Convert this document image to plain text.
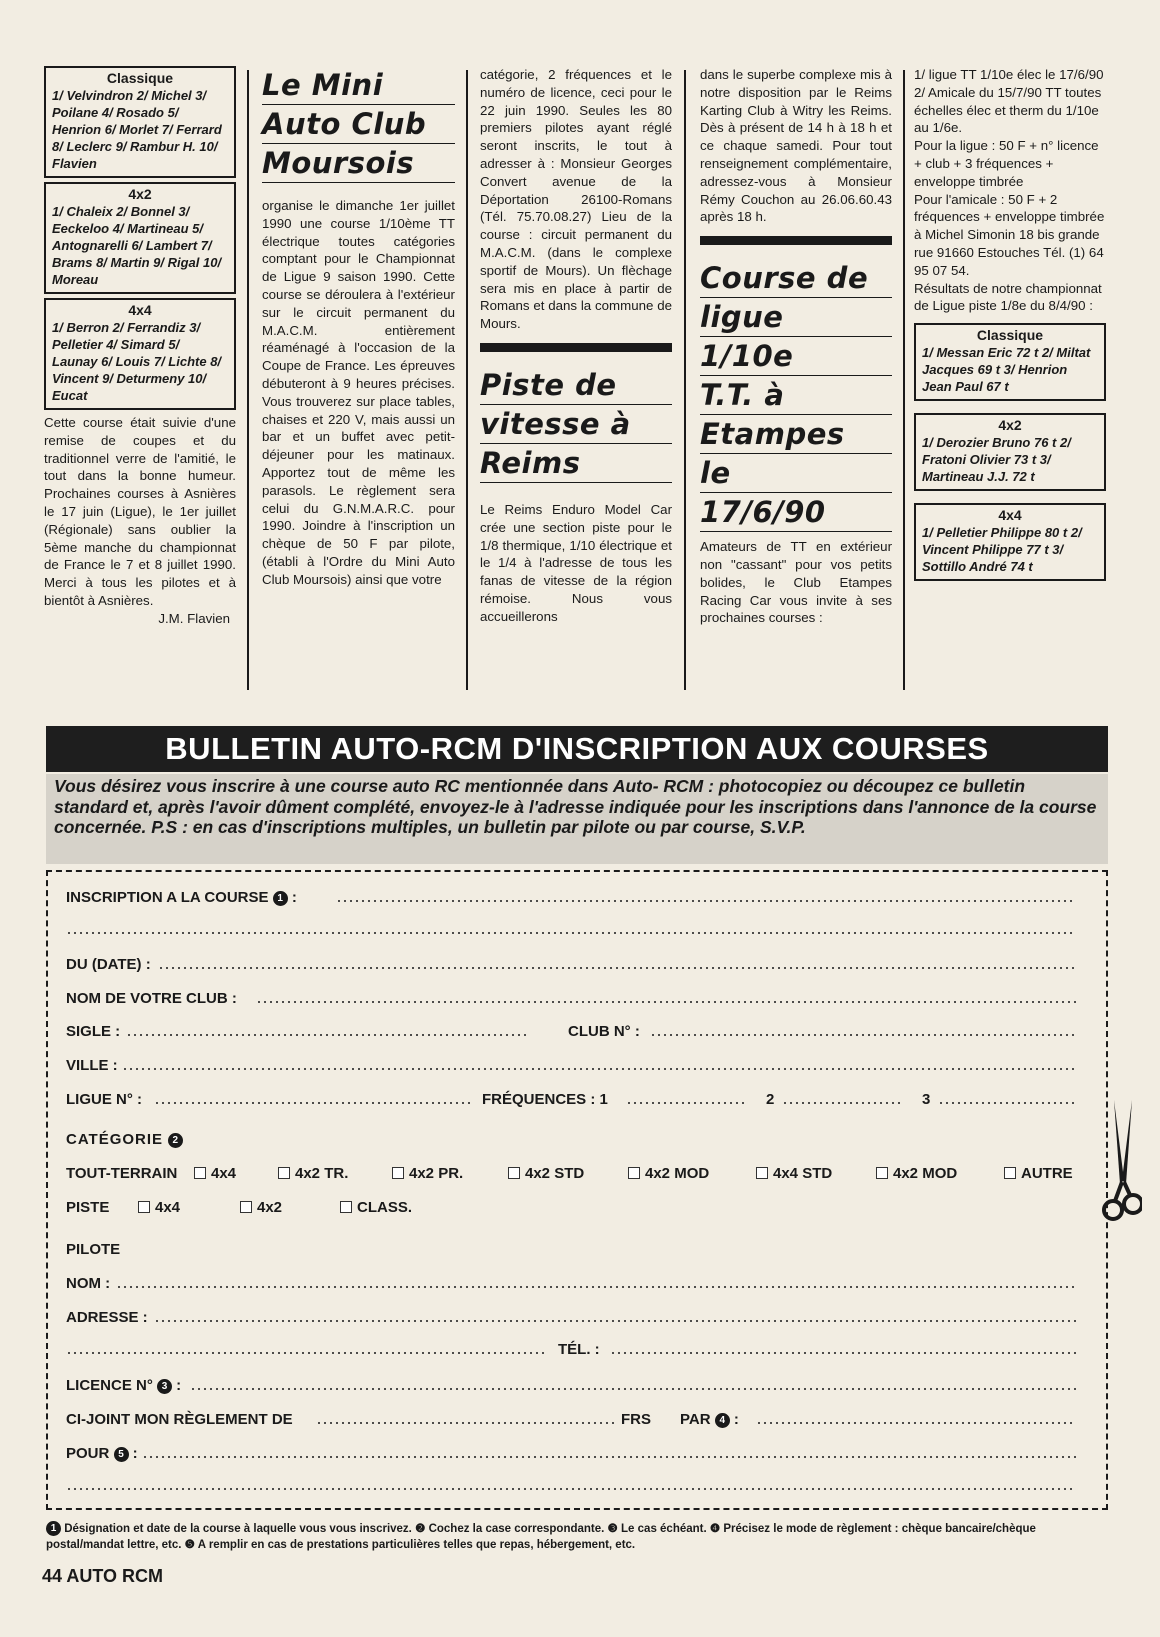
Classique
1/ Velvindron 2/ Michel 3/ Poilane 4/ Rosado 5/ Henrion 6/ Morlet 7/ Ferrard 8/ Leclerc 9/ Rambur H. 10/ Flavien
4x2
1/ Chaleix 2/ Bonnel 3/ Eeckeloo 4/ Martineau 5/ Antognarelli 6/ Lambert 7/ Brams 8/ Martin 9/ Rigal 10/ Moreau
4x4
1/ Berron 2/ Ferrandiz 3/ Pelletier 4/ Simard 5/ Launay 6/ Louis 7/ Lichte 8/ Vincent 9/ Deturmeny 10/ Eucat

Cette course était suivie d'une remise de coupes et du traditionnel verre de l'amitié, le tout dans la bonne humeur. Prochaines courses à Asnières le 17 juin (Ligue), le 1er juillet (Régionale) sans oublier la 5ème manche du championnat de France le 7 et 8 juillet 1990. Merci à tous les pilotes et à bientôt à Asnières.

J.M. Flavien

Le Mini
Auto Club
Moursois

organise le dimanche 1er juillet 1990 une course 1/10ème TT électrique toutes catégories comptant pour le Championnat de Ligue 9 saison 1990. Cette course se déroulera à l'extérieur sur le circuit permanent du M.A.C.M. entièrement réaménagé à l'occasion de la Coupe de France. Les épreuves débuteront à 9 heures précises. Vous trouverez sur place tables, chaises et 220 V, mais aussi un bar et un buffet avec petit-déjeuner pour les matinaux. Apportez tout de même les parasols. Le règlement sera celui du G.N.M.A.R.C. pour 1990. Joindre à l'inscription un chèque de 50 F par pilote, (établi à l'Ordre du Mini Auto Club Moursois) ainsi que votre

catégorie, 2 fréquences et le numéro de licence, ceci pour le 22 juin 1990. Seules les 80 premiers pilotes ayant réglé seront inscrits, le tout à adresser à : Monsieur Georges Convert avenue de la Déportation 26100-Romans (Tél. 75.70.08.27) Lieu de la course : circuit permanent du M.A.C.M. (dans le complexe sportif de Mours). Un flèchage sera mis en place à partir de Romans et dans la commune de Mours.

Piste de
vitesse à
Reims

Le Reims Enduro Model Car crée une section piste pour le 1/8 thermique, 1/10 électrique et le 1/4 à l'adresse de tous les fanas de vitesse de la région rémoise. Nous vous accueillerons

dans le superbe complexe mis à notre disposition par le Reims Karting Club à Witry les Reims. Dès à présent de 14 h à 18 h et ce chaque samedi. Pour tout renseignement complémentaire, adressez-vous à Monsieur Rémy Couchon au 26.06.60.43 après 18 h.

Course de
ligue
1/10e
T.T. à
Etampes
le
17/6/90

Amateurs de TT en extérieur non "cassant" pour vos petits bolides, le Club Etampes Racing Car vous invite à ses prochaines courses :

1/ ligue TT 1/10e élec le 17/6/90
2/ Amicale du 15/7/90 TT toutes échelles élec et therm du 1/10e au 1/6e.
Pour la ligue : 50 F + n° licence + club + 3 fréquences + enveloppe timbrée
Pour l'amicale : 50 F + 2 fréquences + enveloppe timbrée à Michel Simonin 18 bis grande rue 91660 Estouches Tél. (1) 64 95 07 54.
Résultats de notre championnat de Ligue piste 1/8e du 8/4/90 :

Classique
1/ Messan Eric 72 t 2/ Miltat Jacques 69 t 3/ Henrion Jean Paul 67 t
4x2
1/ Derozier Bruno 76 t 2/ Fratoni Olivier 73 t 3/ Martineau J.J. 72 t
4x4
1/ Pelletier Philippe 80 t 2/ Vincent Philippe 77 t 3/ Sottillo André 74 t
BULLETIN AUTO-RCM D'INSCRIPTION AUX COURSES
Vous désirez vous inscrire à une course auto RC mentionnée dans Auto- RCM : photocopiez ou découpez ce bulletin standard et, après l'avoir dûment complété, envoyez-le à l'adresse indiquée pour les inscriptions dans l'annonce de la course concernée. P.S : en cas d'inscriptions multiples, un bulletin par pilote ou par course, S.V.P.
INSCRIPTION A LA COURSE 1 :
DU (DATE) :
NOM DE VOTRE CLUB :
SIGLE :	CLUB N° :
VILLE :
LIGUE N° :	FRÉQUENCES : 1	2	3
CATÉGORIE 2
TOUT-TERRAIN	4x4	4x2 TR.	4x2 PR.	4x2 STD	4x2 MOD	4x4 STD	4x2 MOD	AUTRE
PISTE	4x4	4x2	CLASS.
PILOTE
NOM :
ADRESSE :
TÉL. :
LICENCE N° 3 :
CI-JOINT MON RÈGLEMENT DE	FRS PAR 4 :
POUR 5 :
1 Désignation et date de la course à laquelle vous vous inscrivez. ❷ Cochez la case correspondante. ❸ Le cas échéant. ❹ Précisez le mode de règlement : chèque bancaire/chèque postal/mandat lettre, etc. ❺ A remplir en cas de prestations particulières telles que repas, hébergement, etc.
44 AUTO RCM
